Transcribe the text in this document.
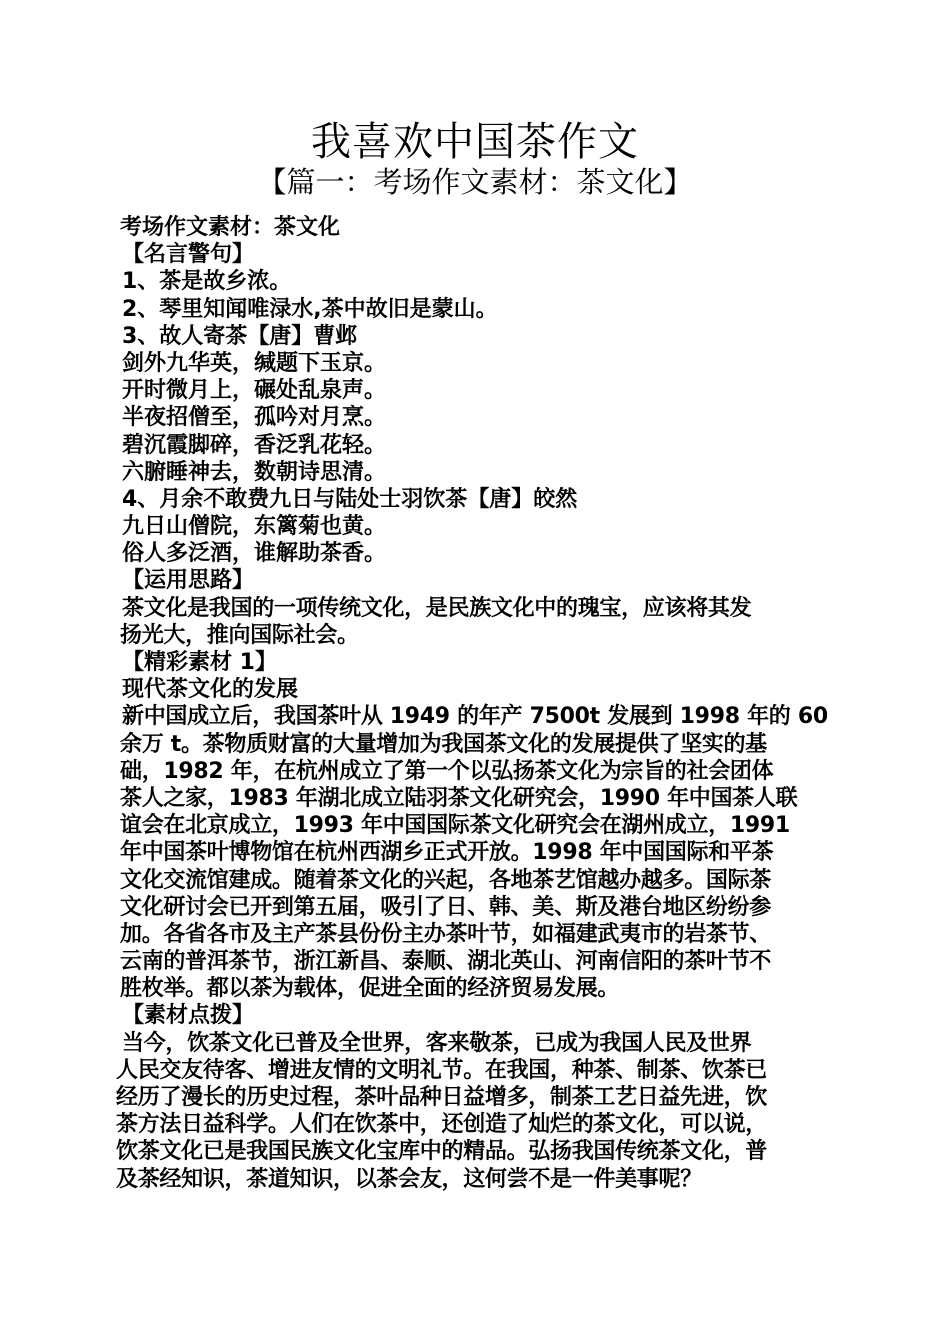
我喜欢中国茶作文
【篇一：考场作文素材：茶文化】
考场作文素材：茶文化
【名言警句】
1、茶是故乡浓。
2、琴里知闻唯渌水,茶中故旧是蒙山。
3、故人寄茶【唐】曹邺
剑外九华英，缄题下玉京。
开时微月上，碾处乱泉声。
半夜招僧至，孤吟对月烹。
碧沉霞脚碎，香泛乳花轻。
六腑睡神去，数朝诗思清。
4、月余不敢费九日与陆处士羽饮茶【唐】皎然
九日山僧院，东篱菊也黄。
俗人多泛酒，谁解助茶香。
【运用思路】
茶文化是我国的一项传统文化，是民族文化中的瑰宝，应该将其发
扬光大，推向国际社会。
【精彩素材 1】
现代茶文化的发展
新中国成立后，我国茶叶从 1949 的年产 7500t 发展到 1998 年的 60
余万 t。茶物质财富的大量增加为我国茶文化的发展提供了坚实的基
础，1982 年，在杭州成立了第一个以弘扬茶文化为宗旨的社会团体
茶人之家，1983 年湖北成立陆羽茶文化研究会，1990 年中国茶人联
谊会在北京成立，1993 年中国国际茶文化研究会在湖州成立，1991
年中国茶叶博物馆在杭州西湖乡正式开放。1998 年中国国际和平茶
文化交流馆建成。随着茶文化的兴起，各地茶艺馆越办越多。国际茶
文化研讨会已开到第五届，吸引了日、韩、美、斯及港台地区纷纷参
加。各省各市及主产茶县份份主办茶叶节，如福建武夷市的岩茶节、
云南的普洱茶节，浙江新昌、泰顺、湖北英山、河南信阳的茶叶节不
胜枚举。都以茶为载体，促进全面的经济贸易发展。
【素材点拨】
当今，饮茶文化已普及全世界，客来敬茶，已成为我国人民及世界
人民交友待客、增进友情的文明礼节。在我国，种茶、制茶、饮茶已
经历了漫长的历史过程，茶叶品种日益增多，制茶工艺日益先进，饮
茶方法日益科学。人们在饮茶中，还创造了灿烂的茶文化，可以说，
饮茶文化已是我国民族文化宝库中的精品。弘扬我国传统茶文化，普
及茶经知识，茶道知识，以茶会友，这何尝不是一件美事呢？
